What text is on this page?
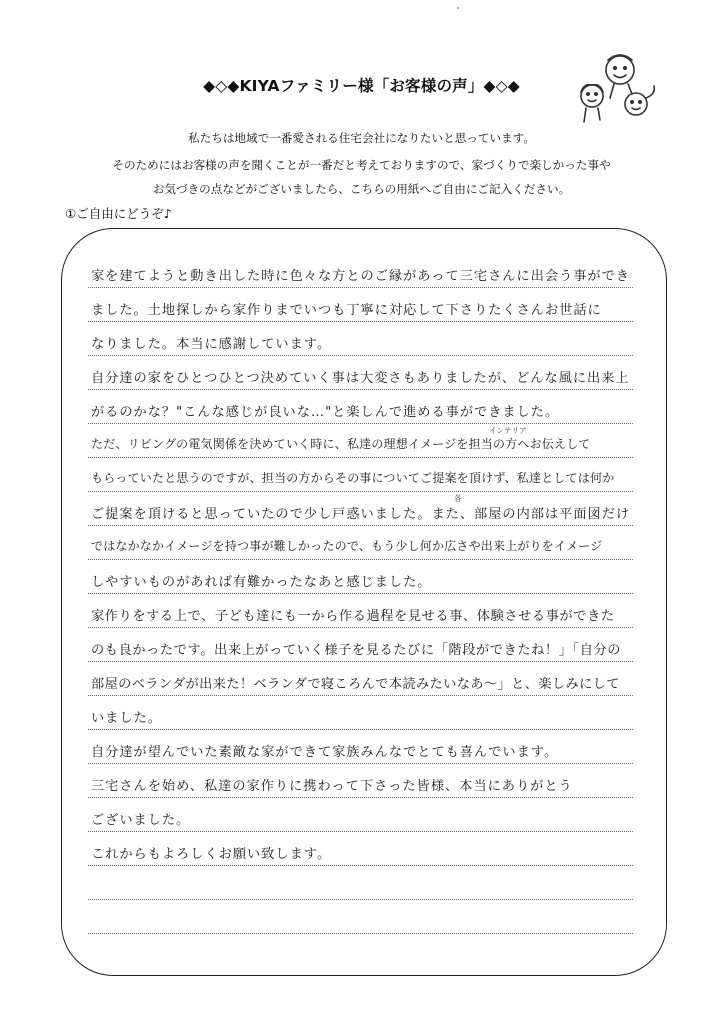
◆◇◆KIYAファミリー様「お客様の声」◆◇◆
私たちは地域で一番愛される住宅会社になりたいと思っています。
そのためにはお客様の声を聞くことが一番だと考えておりますので、家づくりで楽しかった事や
お気づきの点などがございましたら、こちらの用紙へご自由にご記入ください。
①ご自由にどうぞ♪
家を建てようと動き出した時に色々な方とのご縁があって三宅さんに出会う事ができ
ました。土地探しから家作りまでいつも丁寧に対応して下さりたくさんお世話に
なりました。本当に感謝しています。
自分達の家をひとつひとつ決めていく事は大変さもありましたが、どんな風に出来上
がるのかな？"こんな感じが良いな…"と楽しんで進める事ができました。
ただ、リビングの電気関係を決めていく時に、私達の理想イメージを担当の方へお伝えして
もらっていたと思うのですが、担当の方からその事についてご提案を頂けず、私達としては何か
ご提案を頂けると思っていたので少し戸惑いました。また、部屋の内部は平面図だけ
ではなかなかイメージを持つ事が難しかったので、もう少し何か広さや出来上がりをイメージ
しやすいものがあれば有難かったなあと感じました。
家作りをする上で、子ども達にも一から作る過程を見せる事、体験させる事ができた
のも良かったです。出来上がっていく様子を見るたびに「階段ができたね！」「自分の
部屋のベランダが出来た！ベランダで寝ころんで本読みたいなあ〜」と、楽しみにして
いました。
自分達が望んでいた素敵な家ができて家族みんなでとても喜んでいます。
三宅さんを始め、私達の家作りに携わって下さった皆様、本当にありがとう
ございました。
これからもよろしくお願い致します。
インテリア
各
